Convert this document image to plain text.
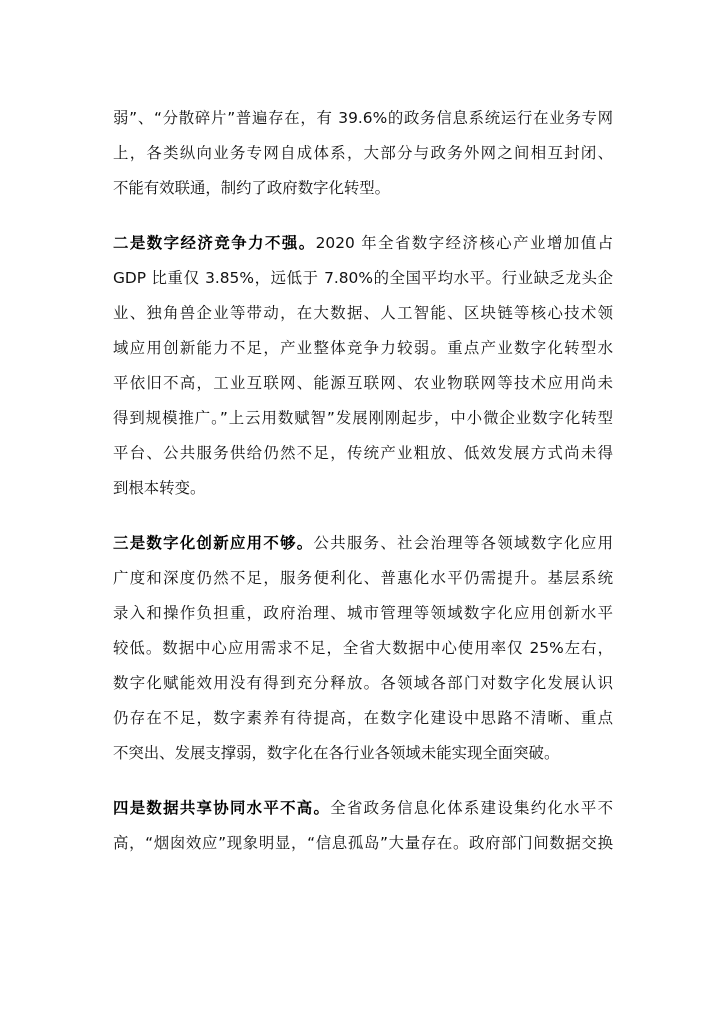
弱”、“分散碎片”普遍存在，有 39.6%的政务信息系统运行在业务专网
上，各类纵向业务专网自成体系，大部分与政务外网之间相互封闭、
不能有效联通，制约了政府数字化转型。
二是数字经济竞争力不强。2020 年全省数字经济核心产业增加值占
GDP 比重仅 3.85%，远低于 7.80%的全国平均水平。行业缺乏龙头企
业、独角兽企业等带动，在大数据、人工智能、区块链等核心技术领
域应用创新能力不足，产业整体竞争力较弱。重点产业数字化转型水
平依旧不高，工业互联网、能源互联网、农业物联网等技术应用尚未
得到规模推广。”上云用数赋智”发展刚刚起步，中小微企业数字化转型
平台、公共服务供给仍然不足，传统产业粗放、低效发展方式尚未得
到根本转变。
三是数字化创新应用不够。公共服务、社会治理等各领域数字化应用
广度和深度仍然不足，服务便利化、普惠化水平仍需提升。基层系统
录入和操作负担重，政府治理、城市管理等领域数字化应用创新水平
较低。数据中心应用需求不足，全省大数据中心使用率仅 25%左右，
数字化赋能效用没有得到充分释放。各领域各部门对数字化发展认识
仍存在不足，数字素养有待提高，在数字化建设中思路不清晰、重点
不突出、发展支撑弱，数字化在各行业各领域未能实现全面突破。
四是数据共享协同水平不高。全省政务信息化体系建设集约化水平不
高，“烟囱效应”现象明显，“信息孤岛”大量存在。政府部门间数据交换
